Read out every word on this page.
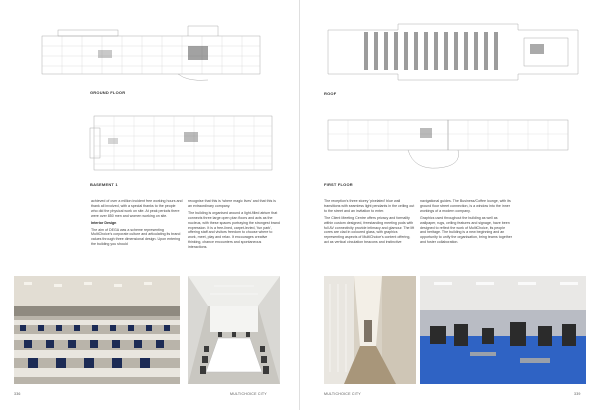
GROUND FLOOR
BASEMENT 1

achieved of over a million incident free working hours and thank all involved, with a special thanks to the people who did the physical work on site. At peak periods there were over 850 men and women working on site.

Interior Design

The aim of DEGA was a scheme representing MultiChoice's corporate culture and articulating its brand values through three dimensional design. Upon entering the building you should

recognise that this is 'where magic lives' and that this is an extraordinary company.

The building is organised around a light-filled atrium that connects three large open plan floors and acts as the nucleus, with these spaces portraying the strongest brand expression. It is a free-lined, carpet-levied, 'fun park', offering staff and visitors freedom to choose where to work, meet, play and relax. It encourages creative thinking, chance encounters and spontaneous interactions.

336	MULTICHOICE CITY
ROOF
FIRST FLOOR

The reception's three storey 'pixelated' blue wall transitions with seamless light pendants in the ceiling out to the street and an invitation to enter.

The Client Meeting Centre offers privacy and formality within custom designed, freestanding meeting pods with full AV connectivity provide intimacy and glamour. The lift cores are clad in coloured glass, with graphics representing aspects of MultiChoice's content offering, act as vertical circulation beacons and instinctive

navigational guides. The Business/Coffee lounge, with its ground floor street connection, is a window into the inner workings of a modern company.

Graphics used throughout the building as well as wallpaper, rugs, ceiling features and signage, have been designed to reflect the work of MultiChoice, its people and heritage. The building is a new beginning and an opportunity to unify the organisation, bring teams together and foster collaboration.

MULTICHOICE CITY	339
